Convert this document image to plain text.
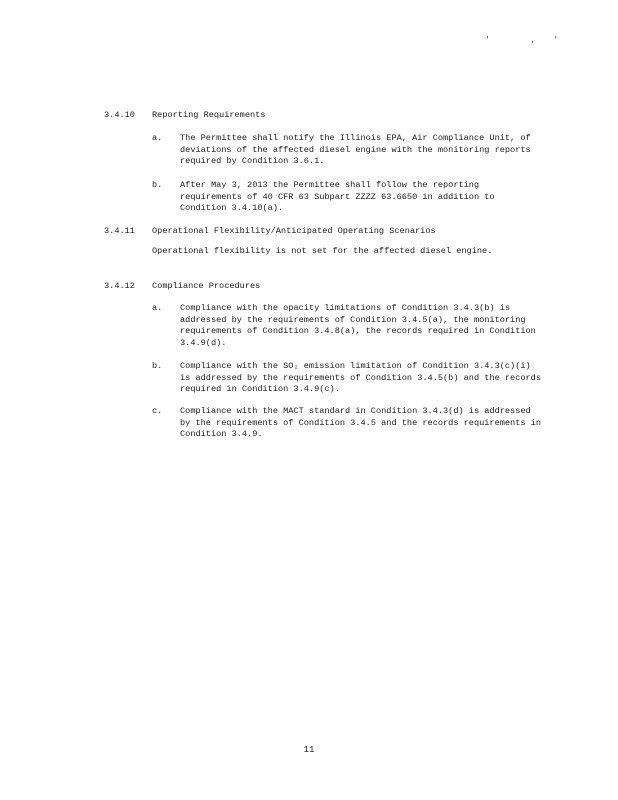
' ,'
3.4.10	Reporting Requirements
a.	The Permittee shall notify the Illinois EPA, Air Compliance Unit, of deviations of the affected diesel engine with the monitoring reports required by Condition 3.6.1.
b.	After May 3, 2013 the Permittee shall follow the reporting requirements of 40 CFR 63 Subpart ZZZZ 63.6650 in addition to Condition 3.4.10(a).
3.4.11	Operational Flexibility/Anticipated Operating Scenarios
Operational flexibility is not set for the affected diesel engine.
3.4.12	Compliance Procedures
a.	Compliance with the opacity limitations of Condition 3.4.3(b) is addressed by the requirements of Condition 3.4.5(a), the monitoring requirements of Condition 3.4.8(a), the records required in Condition 3.4.9(d).
b.	Compliance with the SO₂ emission limitation of Condition 3.4.3(c)(i) is addressed by the requirements of Condition 3.4.5(b) and the records required in Condition 3.4.9(c).
c.	Compliance with the MACT standard in Condition 3.4.3(d) is addressed by the requirements of Condition 3.4.5 and the records requirements in Condition 3.4.9.
11
